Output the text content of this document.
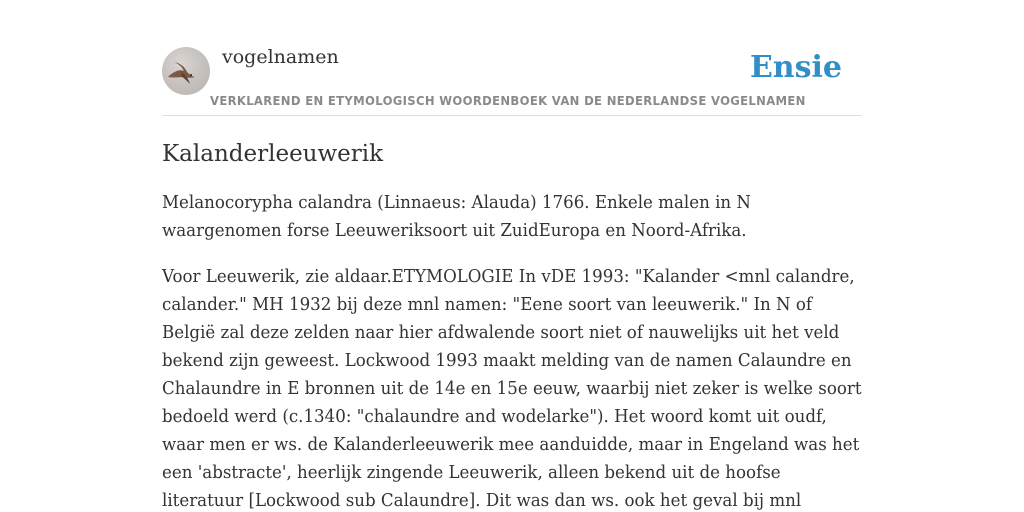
vogelnamen	Ensie
VERKLAREND EN ETYMOLOGISCH WOORDENBOEK VAN DE NEDERLANDSE VOGELNAMEN
Kalanderleeuwerik

Melanocorypha calandra (Linnaeus: Alauda) 1766. Enkele malen in N waargenomen forse Leeuweriksoort uit ZuidEuropa en Noord-Afrika.

Voor Leeuwerik, zie aldaar.ETYMOLOGIE In vDE 1993: "Kalander <mnl calandre, calander." MH 1932 bij deze mnl namen: "Eene soort van leeuwerik." In N of België zal deze zelden naar hier afdwalende soort niet of nauwelijks uit het veld bekend zijn geweest. Lockwood 1993 maakt melding van de namen Calaundre en Chalaundre in E bronnen uit de 14e en 15e eeuw, waarbij niet zeker is welke soort bedoeld werd (c.1340: "chalaundre and wodelarke"). Het woord komt uit oudf, waar men er ws. de Kalanderleeuwerik mee aanduidde, maar in Engeland was het een 'abstracte', heerlijk zingende Leeuwerik, alleen bekend uit de hoofse literatuur [Lockwood sub Calaundre]. Dit was dan ws. ook het geval bij mnl
